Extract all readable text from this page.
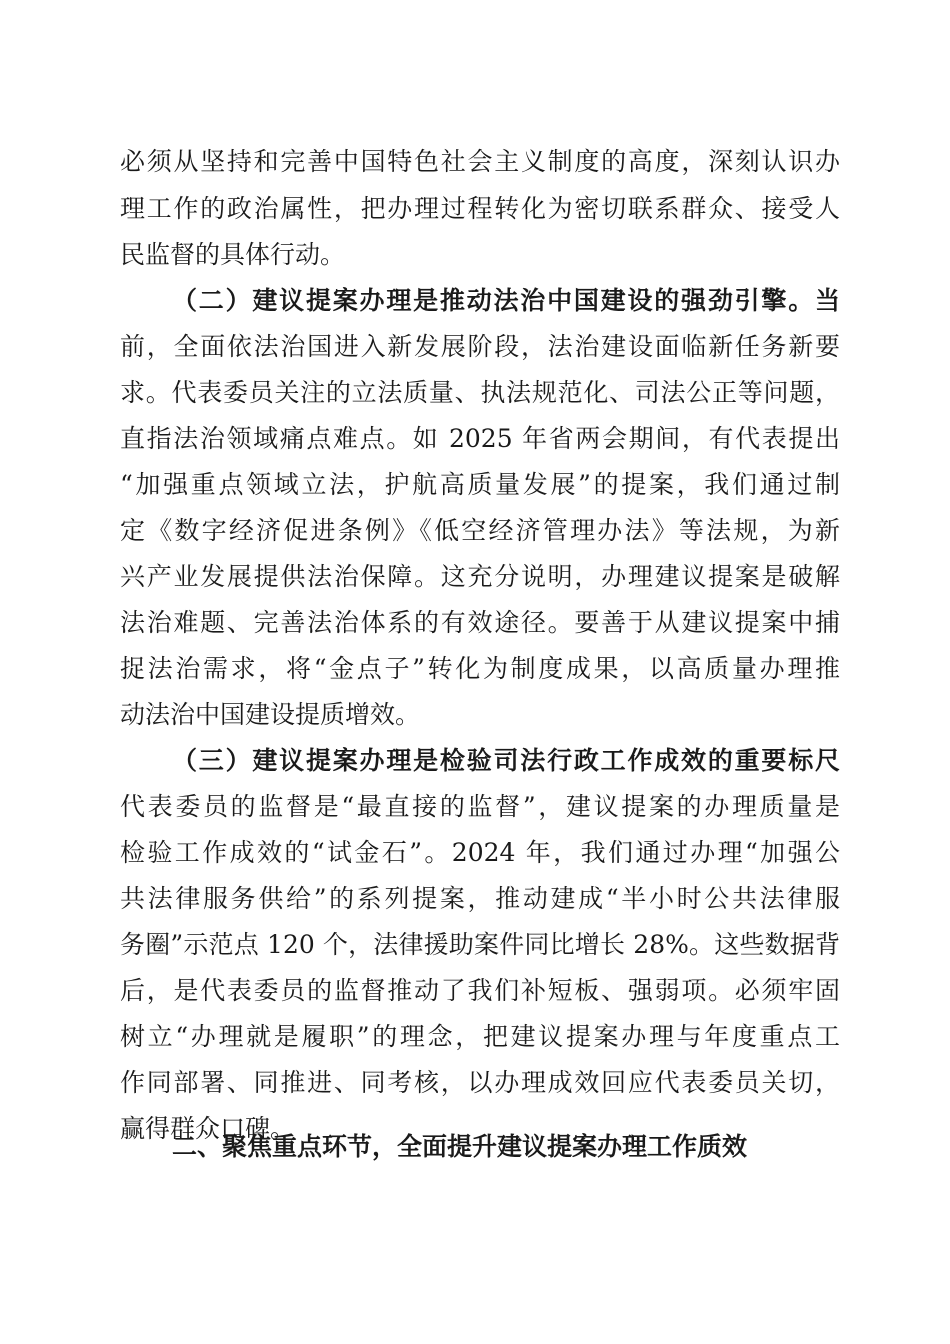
必须从坚持和完善中国特色社会主义制度的高度，深刻认识办
理工作的政治属性，把办理过程转化为密切联系群众、接受人
民监督的具体行动。
（二）建议提案办理是推动法治中国建设的强劲引擎。当
前，全面依法治国进入新发展阶段，法治建设面临新任务新要
求。代表委员关注的立法质量、执法规范化、司法公正等问题，
直指法治领域痛点难点。如 2025 年省两会期间，有代表提出
“加强重点领域立法，护航高质量发展”的提案，我们通过制
定《数字经济促进条例》《低空经济管理办法》等法规，为新
兴产业发展提供法治保障。这充分说明，办理建议提案是破解
法治难题、完善法治体系的有效途径。要善于从建议提案中捕
捉法治需求，将“金点子”转化为制度成果，以高质量办理推
动法治中国建设提质增效。
（三）建议提案办理是检验司法行政工作成效的重要标尺
代表委员的监督是“最直接的监督”，建议提案的办理质量是
检验工作成效的“试金石”。2024 年，我们通过办理“加强公
共法律服务供给”的系列提案，推动建成“半小时公共法律服
务圈”示范点 120 个，法律援助案件同比增长 28%。这些数据背
后，是代表委员的监督推动了我们补短板、强弱项。必须牢固
树立“办理就是履职”的理念，把建议提案办理与年度重点工
作同部署、同推进、同考核，以办理成效回应代表委员关切，
赢得群众口碑。
二、聚焦重点环节，全面提升建议提案办理工作质效
